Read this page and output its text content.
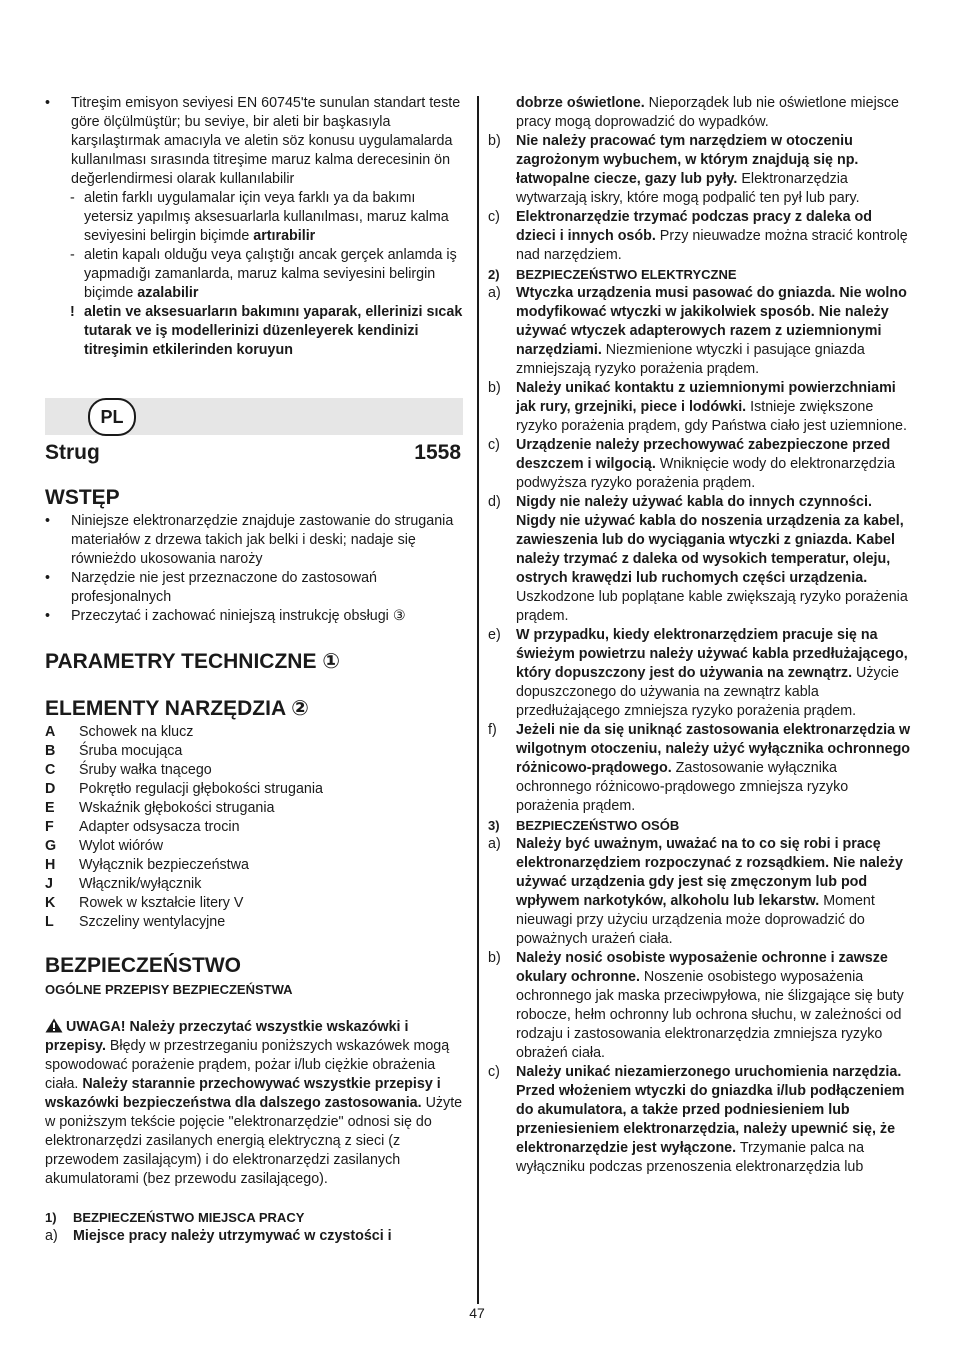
• Titreşim emisyon seviyesi EN 60745'te sunulan standart teste göre ölçülmüştür; bu seviye, bir aleti bir başkasıyla karşılaştırmak amacıyla ve aletin söz konusu uygulamalarda kullanılması sırasında titreşime maruz kalma derecesinin ön değerlendirmesi olarak kullanılabilir
- aletin farklı uygulamalar için veya farklı ya da bakımı yetersiz yapılmış aksesuarlarla kullanılması, maruz kalma seviyesini belirgin biçimde artırabilir
- aletin kapalı olduğu veya çalıştığı ancak gerçek anlamda iş yapmadığı zamanlarda, maruz kalma seviyesini belirgin biçimde azalabilir
! aletin ve aksesuarların bakımını yaparak, ellerinizi sıcak tutarak ve iş modellerinizi düzenleyerek kendinizi titreşimin etkilerinden koruyun
PL
Strug	1558
WSTĘP
• Niniejsze elektronarzędzie znajduje zastowanie do strugania materiałów z drzewa takich jak belki i deski; nadaje się równieżdo ukosowania naroży
• Narzędzie nie jest przeznaczone do zastosowań profesjonalnych
• Przeczytać i zachować niniejszą instrukcję obsługi ③
PARAMETRY TECHNICZNE ①
ELEMENTY NARZĘDZIA ②
A Schowek na klucz
B Śruba mocująca
C Śruby wałka tnącego
D Pokrętło regulacji głębokości strugania
E Wskaźnik głębokości strugania
F Adapter odsysacza trocin
G Wylot wiórów
H Wyłącznik bezpieczeństwa
J Włącznik/wyłącznik
K Rowek w kształcie litery V
L Szczeliny wentylacyjne
BEZPIECZEŃSTWO

OGÓLNE PRZEPISY BEZPIECZEŃSTWA

UWAGA! Należy przeczytać wszystkie wskazówki i przepisy. Błędy w przestrzeganiu poniższych wskazówek mogą spowodować porażenie prądem, pożar i/lub ciężkie obrażenia ciała. Należy starannie przechowywać wszystkie przepisy i wskazówki bezpieczeństwa dla dalszego zastosowania. Użyte w poniższym tekście pojęcie "elektronarzędzie" odnosi się do elektronarzędzi zasilanych energią elektryczną z sieci (z przewodem zasilającym) i do elektronarzędzi zasilanych akumulatorami (bez przewodu zasilającego).

1) BEZPIECZEŃSTWO MIEJSCA PRACY
a) Miejsce pracy należy utrzymywać w czystości i
dobrze oświetlone. Nieporządek lub nie oświetlone miejsce pracy mogą doprowadzić do wypadków.
b) Nie należy pracować tym narzędziem w otoczeniu zagrożonym wybuchem, w którym znajdują się np. łatwopalne ciecze, gazy lub pyły. Elektronarzędzia wytwarzają iskry, które mogą podpalić ten pył lub pary.
c) Elektronarzędzie trzymać podczas pracy z daleka od dzieci i innych osób. Przy nieuwadze można stracić kontrolę nad narzędziem.
2) BEZPIECZEŃSTWO ELEKTRYCZNE
a) Wtyczka urządzenia musi pasować do gniazda. Nie wolno modyfikować wtyczki w jakikolwiek sposób. Nie należy używać wtyczek adapterowych razem z uziemnionymi narzędziami. Niezmienione wtyczki i pasujące gniazda zmniejszają ryzyko porażenia prądem.
b) Należy unikać kontaktu z uziemnionymi powierzchniami jak rury, grzejniki, piece i lodówki. Istnieje zwiększone ryzyko porażenia prądem, gdy Państwa ciało jest uziemnione.
c) Urządzenie należy przechowywać zabezpieczone przed deszczem i wilgocią. Wniknięcie wody do elektronarzędzia podwyższa ryzyko porażenia prądem.
d) Nigdy nie należy używać kabla do innych czynności. Nigdy nie używać kabla do noszenia urządzenia za kabel, zawieszenia lub do wyciągania wtyczki z gniazda. Kabel należy trzymać z daleka od wysokich temperatur, oleju, ostrych krawędzi lub ruchomych części urządzenia. Uszkodzone lub poplątane kable zwiększają ryzyko porażenia prądem.
e) W przypadku, kiedy elektronarzędziem pracuje się na świeżym powietrzu należy używać kabla przedłużającego, który dopuszczony jest do używania na zewnątrz. Użycie dopuszczonego do używania na zewnątrz kabla przedłużającego zmniejsza ryzyko porażenia prądem.
f) Jeżeli nie da się uniknąć zastosowania elektronarzędzia w wilgotnym otoczeniu, należy użyć wyłącznika ochronnego różnicowo-prądowego. Zastosowanie wyłącznika ochronnego różnicowo-prądowego zmniejsza ryzyko porażenia prądem.
3) BEZPIECZEŃSTWO OSÓB
a) Należy być uważnym, uważać na to co się robi i pracę elektronarzędziem rozpoczynać z rozsądkiem. Nie należy używać urządzenia gdy jest się zmęczonym lub pod wpływem narkotyków, alkoholu lub lekarstw. Moment nieuwagi przy użyciu urządzenia może doprowadzić do poważnych urażeń ciała.
b) Należy nosić osobiste wyposażenie ochronne i zawsze okulary ochronne. Noszenie osobistego wyposażenia ochronnego jak maska przeciwpyłowa, nie ślizgające się buty robocze, hełm ochronny lub ochrona słuchu, w zależności od rodzaju i zastosowania elektronarzędzia zmniejsza ryzyko obrażeń ciała.
c) Należy unikać niezamierzonego uruchomienia narzędzia. Przed włożeniem wtyczki do gniazdka i/lub podłączeniem do akumulatora, a także przed podniesieniem lub przeniesieniem elektronarzędzia, należy upewnić się, że elektronarzędzie jest wyłączone. Trzymanie palca na wyłączniku podczas przenoszenia elektronarzędzia lub
47
